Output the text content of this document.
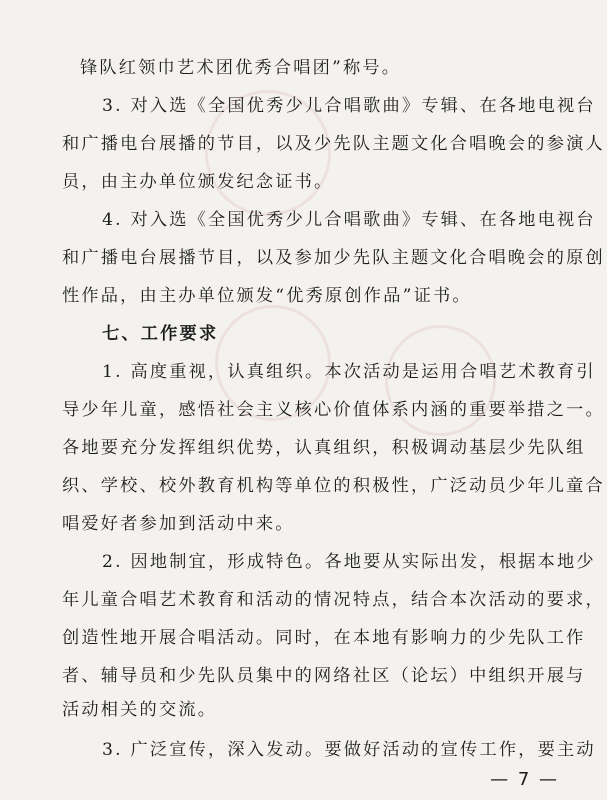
锋队红领巾艺术团优秀合唱团”称号。
3. 对入选《全国优秀少儿合唱歌曲》专辑、在各地电视台
和广播电台展播的节目，以及少先队主题文化合唱晚会的参演人
员，由主办单位颁发纪念证书。
4. 对入选《全国优秀少儿合唱歌曲》专辑、在各地电视台
和广播电台展播节目，以及参加少先队主题文化合唱晚会的原创
性作品，由主办单位颁发“优秀原创作品”证书。
七、工作要求
1. 高度重视，认真组织。本次活动是运用合唱艺术教育引
导少年儿童，感悟社会主义核心价值体系内涵的重要举措之一。
各地要充分发挥组织优势，认真组织，积极调动基层少先队组
织、学校、校外教育机构等单位的积极性，广泛动员少年儿童合
唱爱好者参加到活动中来。
2. 因地制宜，形成特色。各地要从实际出发，根据本地少
年儿童合唱艺术教育和活动的情况特点，结合本次活动的要求，
创造性地开展合唱活动。同时，在本地有影响力的少先队工作
者、辅导员和少先队员集中的网络社区（论坛）中组织开展与
活动相关的交流。
3. 广泛宣传，深入发动。要做好活动的宣传工作，要主动
— 7 —
